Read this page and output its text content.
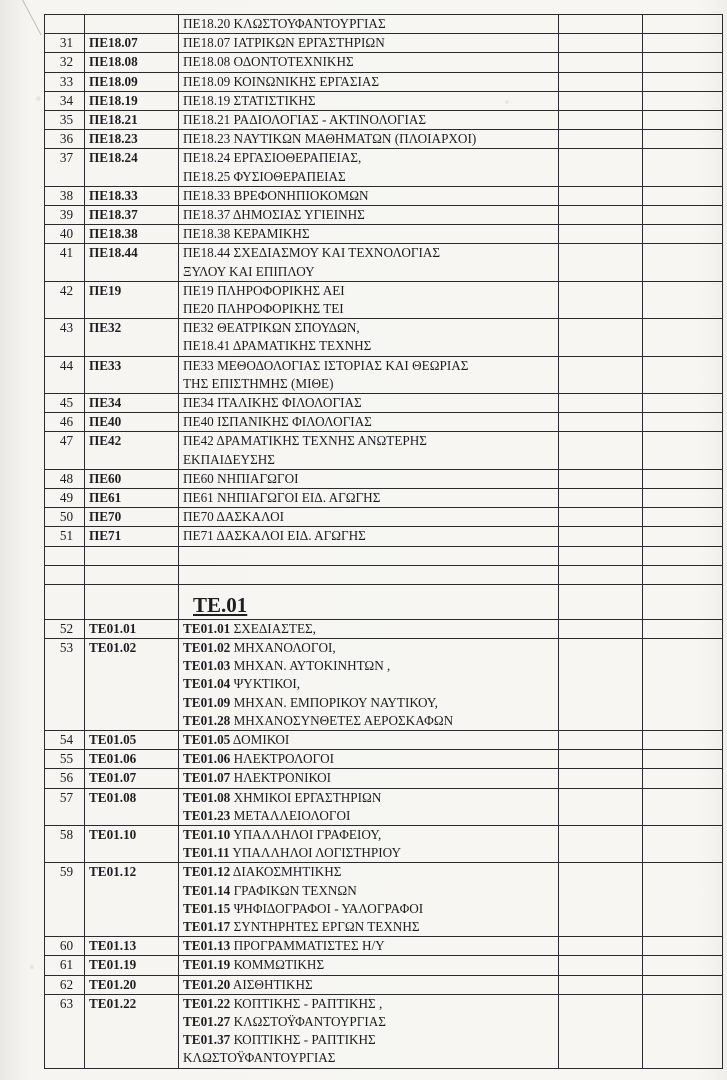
		ΠΕ18.20 ΚΛΩΣΤΟΥΦΑΝΤΟΥΡΓΙΑΣ		

31	ΠΕ18.07	ΠΕ18.07 ΙΑΤΡΙΚΩΝ ΕΡΓΑΣΤΗΡΙΩΝ		

32	ΠΕ18.08	ΠΕ18.08 ΟΔΟΝΤΟΤΕΧΝΙΚΗΣ		

33	ΠΕ18.09	ΠΕ18.09 ΚΟΙΝΩΝΙΚΗΣ ΕΡΓΑΣΙΑΣ		

34	ΠΕ18.19	ΠΕ18.19 ΣΤΑΤΙΣΤΙΚΗΣ		

35	ΠΕ18.21	ΠΕ18.21 ΡΑΔΙΟΛΟΓΙΑΣ - ΑΚΤΙΝΟΛΟΓΙΑΣ		

36	ΠΕ18.23	ΠΕ18.23 ΝΑΥΤΙΚΩΝ ΜΑΘΗΜΑΤΩΝ (ΠΛΟΙΑΡΧΟΙ)		

37	ΠΕ18.24	ΠΕ18.24 ΕΡΓΑΣΙΟΘΕΡΑΠΕΙΑΣ,
ΠΕ18.25 ΦΥΣΙΟΘΕΡΑΠΕΙΑΣ		

38	ΠΕ18.33	ΠΕ18.33 ΒΡΕΦΟΝΗΠΙΟΚΟΜΩΝ		

39	ΠΕ18.37	ΠΕ18.37 ΔΗΜΟΣΙΑΣ ΥΓΙΕΙΝΗΣ		

40	ΠΕ18.38	ΠΕ18.38 ΚΕΡΑΜΙΚΗΣ		

41	ΠΕ18.44	ΠΕ18.44 ΣΧΕΔΙΑΣΜΟΥ ΚΑΙ ΤΕΧΝΟΛΟΓΙΑΣ
ΞΥΛΟΥ ΚΑΙ ΕΠΙΠΛΟΥ		

42	ΠΕ19	ΠΕ19 ΠΛΗΡΟΦΟΡΙΚΗΣ ΑΕΙ
ΠΕ20 ΠΛΗΡΟΦΟΡΙΚΗΣ ΤΕΙ		

43	ΠΕ32	ΠΕ32 ΘΕΑΤΡΙΚΩΝ ΣΠΟΥΔΩΝ,
ΠΕ18.41 ΔΡΑΜΑΤΙΚΗΣ ΤΕΧΝΗΣ		

44	ΠΕ33	ΠΕ33 ΜΕΘΟΔΟΛΟΓΙΑΣ ΙΣΤΟΡΙΑΣ ΚΑΙ ΘΕΩΡΙΑΣ
ΤΗΣ ΕΠΙΣΤΗΜΗΣ (ΜΙΘΕ)		

45	ΠΕ34	ΠΕ34 ΙΤΑΛΙΚΗΣ ΦΙΛΟΛΟΓΙΑΣ		

46	ΠΕ40	ΠΕ40 ΙΣΠΑΝΙΚΗΣ ΦΙΛΟΛΟΓΙΑΣ		

47	ΠΕ42	ΠΕ42 ΔΡΑΜΑΤΙΚΗΣ ΤΕΧΝΗΣ ΑΝΩΤΕΡΗΣ
ΕΚΠΑΙΔΕΥΣΗΣ		

48	ΠΕ60	ΠΕ60 ΝΗΠΙΑΓΩΓΟΙ		

49	ΠΕ61	ΠΕ61 ΝΗΠΙΑΓΩΓΟΙ ΕΙΔ. ΑΓΩΓΗΣ		

50	ΠΕ70	ΠΕ70 ΔΑΣΚΑΛΟΙ		

51	ΠΕ71	ΠΕ71 ΔΑΣΚΑΛΟΙ ΕΙΔ. ΑΓΩΓΗΣ		

		ΤΕ.01		
52	ΤΕ01.01	ΤΕ01.01 ΣΧΕΔΙΑΣΤΕΣ,		

53	ΤΕ01.02	ΤΕ01.02 ΜΗΧΑΝΟΛΟΓΟΙ,
ΤΕ01.03 ΜΗΧΑΝ. ΑΥΤΟΚΙΝΗΤΩΝ ,
ΤΕ01.04 ΨΥΚΤΙΚΟΙ,
ΤΕ01.09 ΜΗΧΑΝ. ΕΜΠΟΡΙΚΟΥ ΝΑΥΤΙΚΟΥ,
ΤΕ01.28 ΜΗΧΑΝΟΣΥΝΘΕΤΕΣ ΑΕΡΟΣΚΑΦΩΝ		

54	ΤΕ01.05	ΤΕ01.05 ΔΟΜΙΚΟΙ		

55	ΤΕ01.06	ΤΕ01.06 ΗΛΕΚΤΡΟΛΟΓΟΙ		

56	ΤΕ01.07	ΤΕ01.07 ΗΛΕΚΤΡΟΝΙΚΟΙ		

57	ΤΕ01.08	ΤΕ01.08 ΧΗΜΙΚΟΙ ΕΡΓΑΣΤΗΡΙΩΝ
ΤΕ01.23 ΜΕΤΑΛΛΕΙΟΛΟΓΟΙ		

58	ΤΕ01.10	ΤΕ01.10 ΥΠΑΛΛΗΛΟΙ ΓΡΑΦΕΙΟΥ,
ΤΕ01.11 ΥΠΑΛΛΗΛΟΙ ΛΟΓΙΣΤΗΡΙΟΥ		

59	ΤΕ01.12	ΤΕ01.12 ΔΙΑΚΟΣΜΗΤΙΚΗΣ
ΤΕ01.14 ΓΡΑΦΙΚΩΝ ΤΕΧΝΩΝ
ΤΕ01.15 ΨΗΦΙΔΟΓΡΑΦΟΙ - ΥΑΛΟΓΡΑΦΟΙ
ΤΕ01.17 ΣΥΝΤΗΡΗΤΕΣ ΕΡΓΩΝ ΤΕΧΝΗΣ		

60	ΤΕ01.13	ΤΕ01.13 ΠΡΟΓΡΑΜΜΑΤΙΣΤΕΣ Η/Υ		

61	ΤΕ01.19	ΤΕ01.19 ΚΟΜΜΩΤΙΚΗΣ		

62	ΤΕ01.20	ΤΕ01.20 ΑΙΣΘΗΤΙΚΗΣ		

63	ΤΕ01.22	ΤΕ01.22 ΚΟΠΤΙΚΗΣ - ΡΑΠΤΙΚΗΣ ,
ΤΕ01.27 ΚΛΩΣΤΟΫΦΑΝΤΟΥΡΓΙΑΣ
ΤΕ01.37 ΚΟΠΤΙΚΗΣ - ΡΑΠΤΙΚΗΣ
ΚΛΩΣΤΟΫΦΑΝΤΟΥΡΓΙΑΣ		
